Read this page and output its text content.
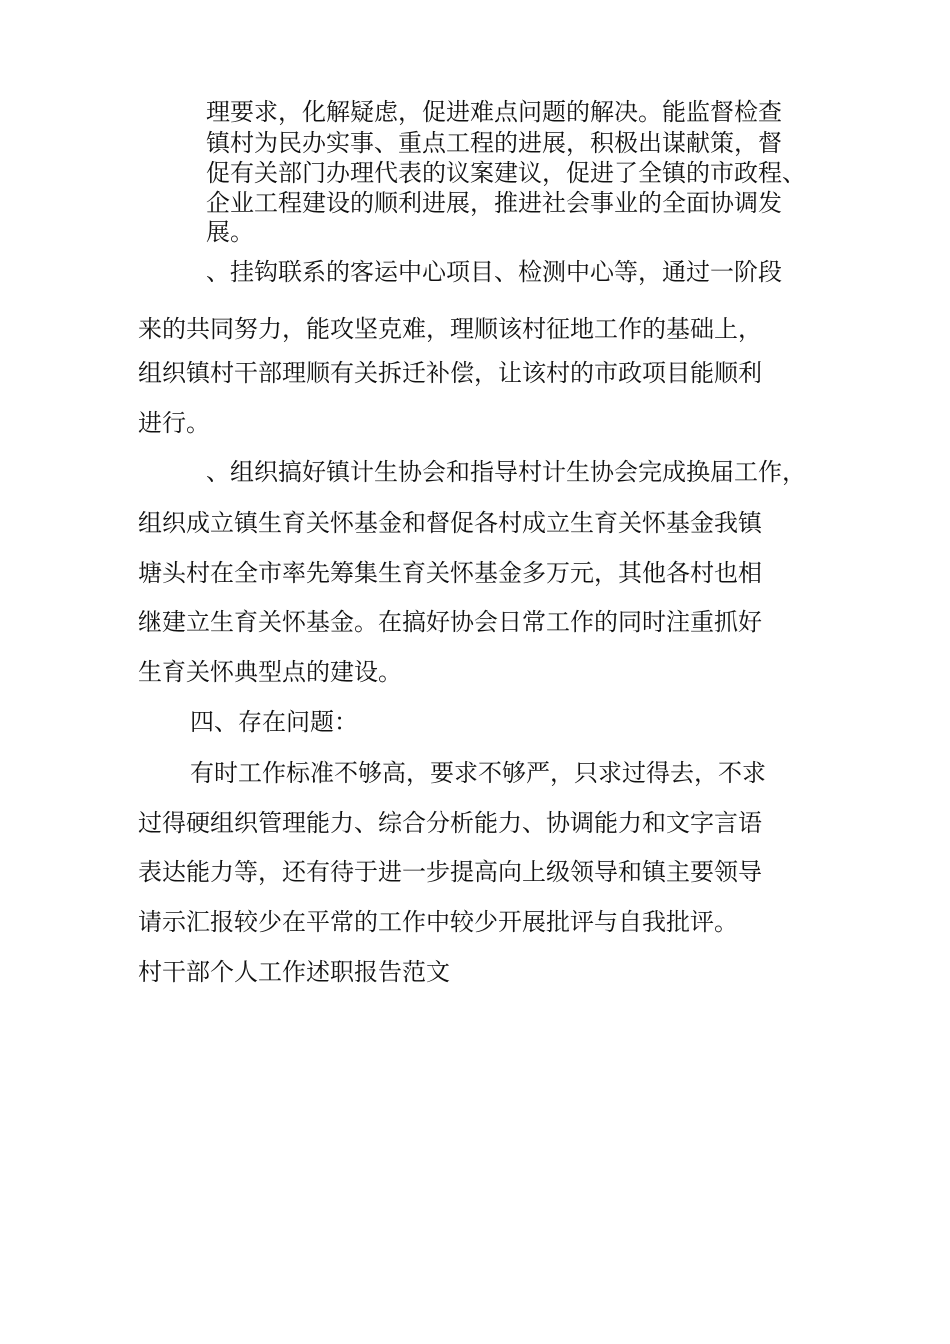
理要求，化解疑虑，促进难点问题的解决。能监督检查
镇村为民办实事、重点工程的进展，积极出谋献策，督
促有关部门办理代表的议案建议，促进了全镇的市政程、
企业工程建设的顺利进展，推进社会事业的全面协调发
展。
、挂钩联系的客运中心项目、检测中心等，通过一阶段
来的共同努力，能攻坚克难，理顺该村征地工作的基础上，
组织镇村干部理顺有关拆迁补偿，让该村的市政项目能顺利
进行。
、组织搞好镇计生协会和指导村计生协会完成换届工作，
组织成立镇生育关怀基金和督促各村成立生育关怀基金我镇
塘头村在全市率先筹集生育关怀基金多万元，其他各村也相
继建立生育关怀基金。在搞好协会日常工作的同时注重抓好
生育关怀典型点的建设。
四、存在问题：
有时工作标准不够高，要求不够严，只求过得去，不求
过得硬组织管理能力、综合分析能力、协调能力和文字言语
表达能力等，还有待于进一步提高向上级领导和镇主要领导
请示汇报较少在平常的工作中较少开展批评与自我批评。
村干部个人工作述职报告范文
